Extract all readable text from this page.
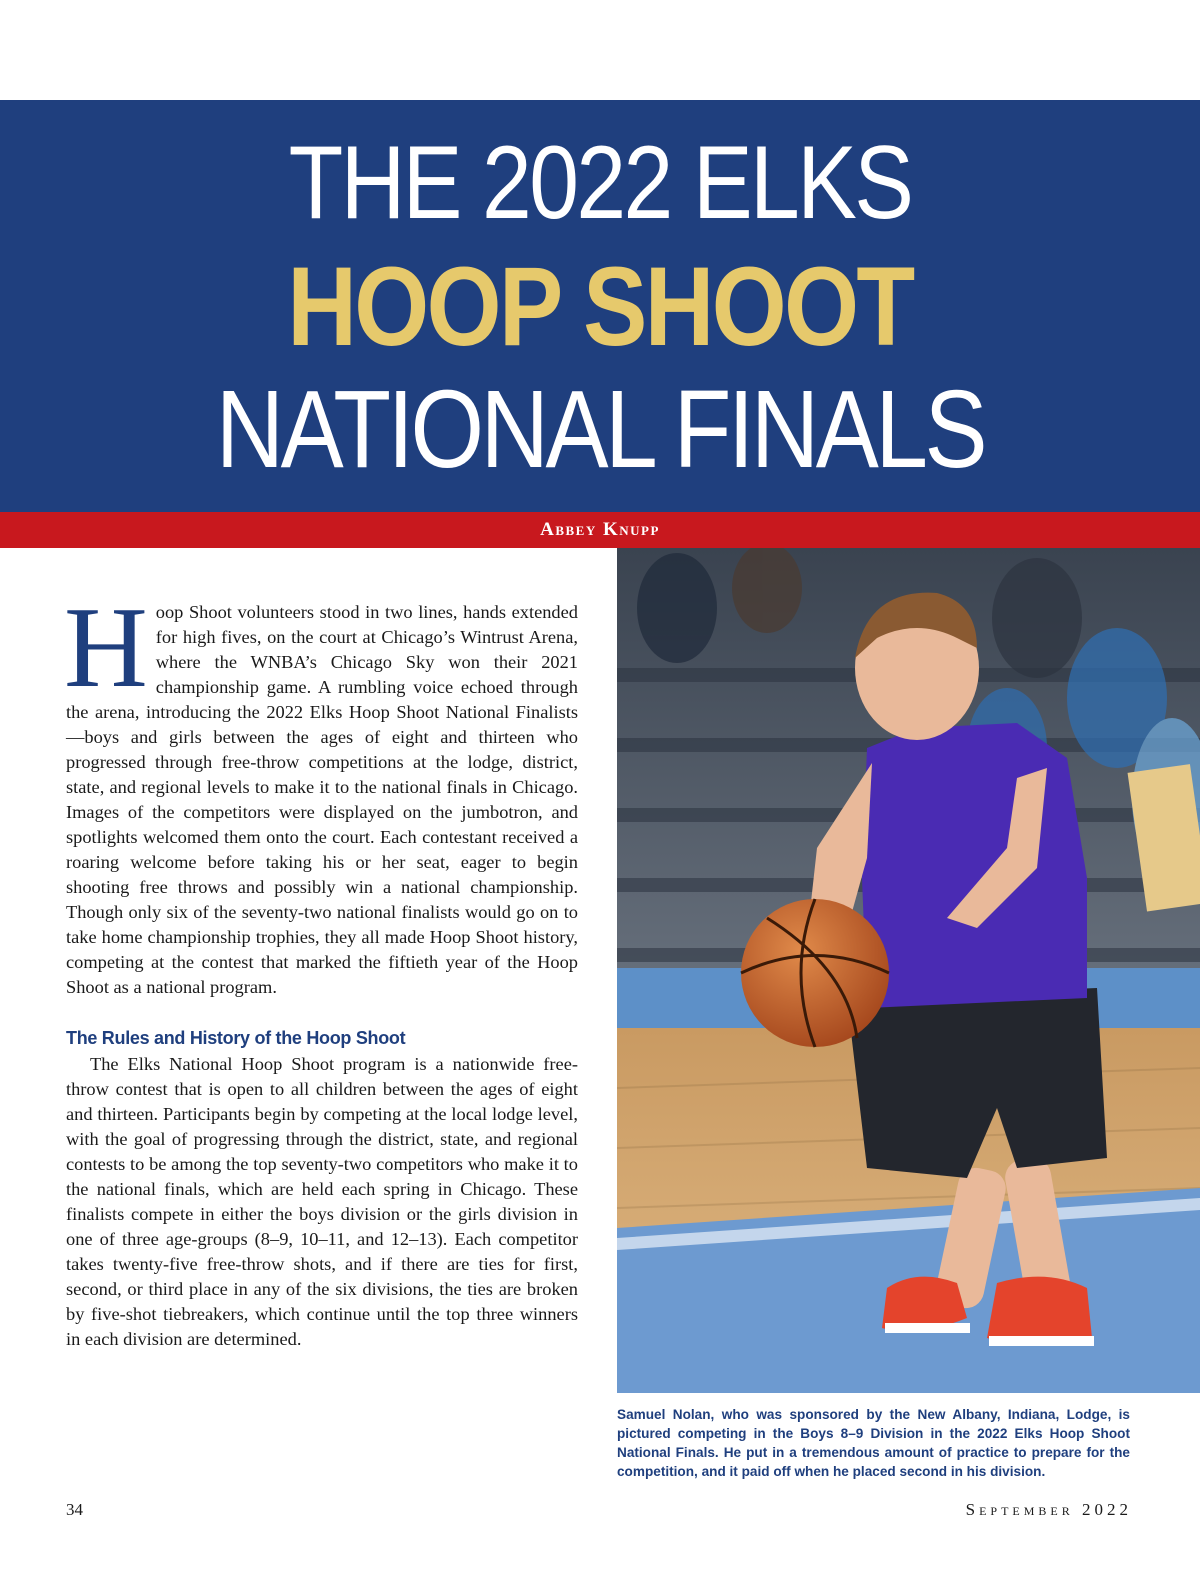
THE 2022 ELKS
HOOP SHOOT
NATIONAL FINALS
Abbey Knupp

Hoop Shoot volunteers stood in two lines, hands extended for high fives, on the court at Chicago’s Wintrust Arena, where the WNBA’s Chicago Sky won their 2021 championship game. A rumbling voice echoed through the arena, introducing the 2022 Elks Hoop Shoot National Finalists—boys and girls between the ages of eight and thirteen who progressed through free-throw competitions at the lodge, district, state, and regional levels to make it to the national finals in Chicago. Images of the competitors were displayed on the jumbotron, and spotlights welcomed them onto the court. Each contestant received a roaring welcome before taking his or her seat, eager to begin shooting free throws and possibly win a national championship. Though only six of the seventy-two national finalists would go on to take home championship trophies, they all made Hoop Shoot history, competing at the contest that marked the fiftieth year of the Hoop Shoot as a national program.

The Rules and History of the Hoop Shoot

The Elks National Hoop Shoot program is a nationwide free-throw contest that is open to all children between the ages of eight and thirteen. Participants begin by competing at the local lodge level, with the goal of progressing through the district, state, and regional contests to be among the top seventy-two competitors who make it to the national finals, which are held each spring in Chicago. These finalists compete in either the boys division or the girls division in one of three age-groups (8–9, 10–11, and 12–13). Each competitor takes twenty-five free-throw shots, and if there are ties for first, second, or third place in any of the six divisions, the ties are broken by five-shot tiebreakers, which continue until the top three winners in each division are determined.

Samuel Nolan, who was sponsored by the New Albany, Indiana, Lodge, is pictured competing in the Boys 8–9 Division in the 2022 Elks Hoop Shoot National Finals. He put in a tremendous amount of practice to prepare for the competition, and it paid off when he placed second in his division.
34	September 2022
